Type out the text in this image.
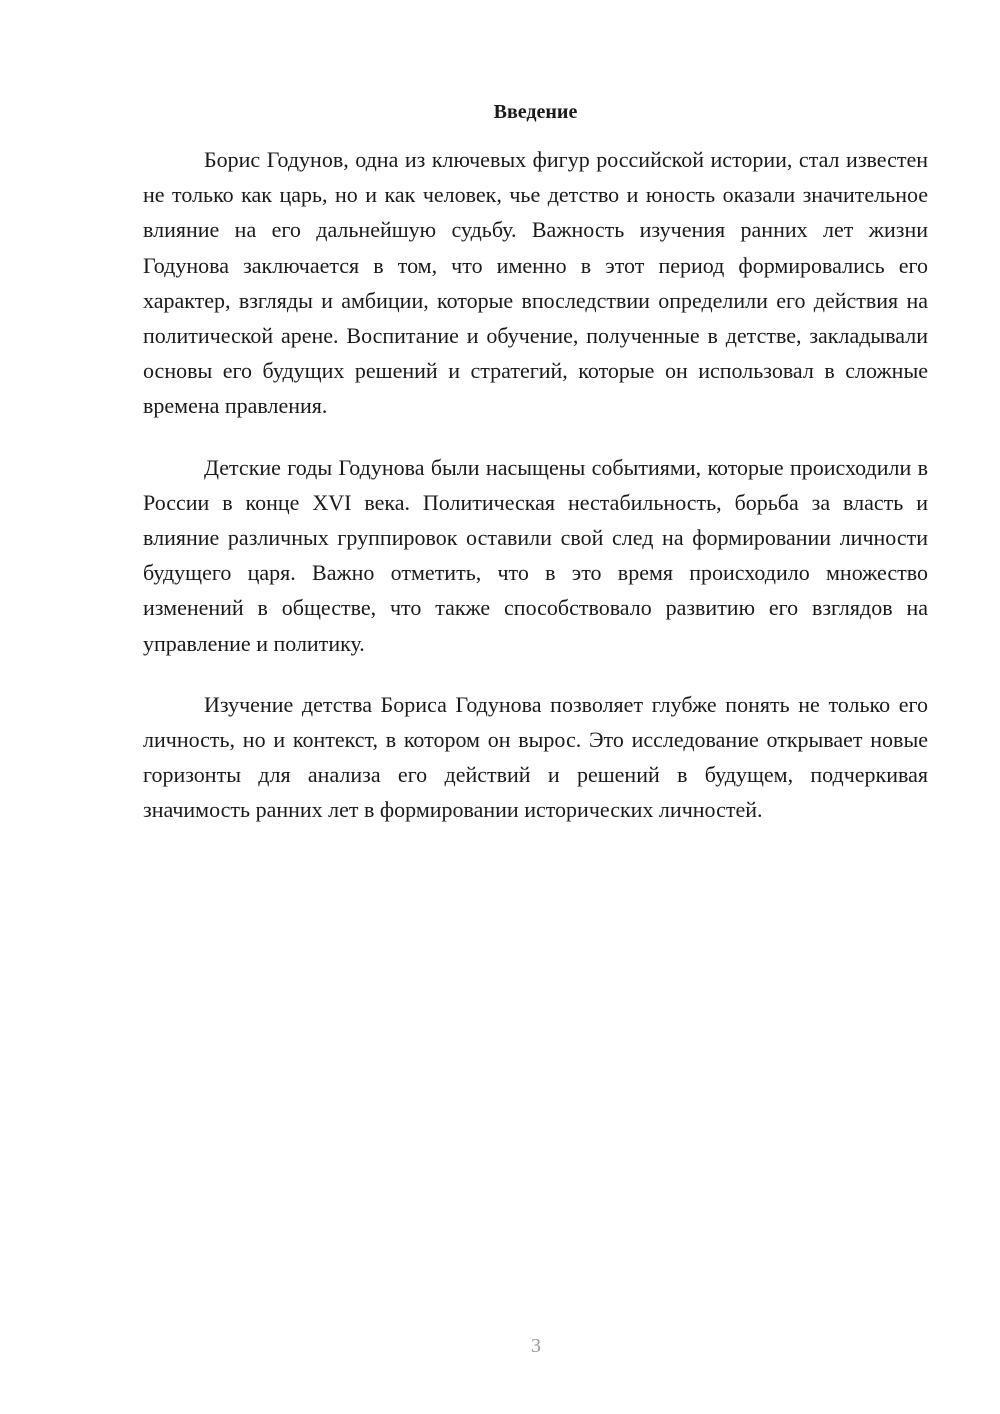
Введение

Борис Годунов, одна из ключевых фигур российской истории, стал известен не только как царь, но и как человек, чье детство и юность оказали значительное влияние на его дальнейшую судьбу. Важность изучения ранних лет жизни Годунова заключается в том, что именно в этот период формировались его характер, взгляды и амбиции, которые впоследствии определили его действия на политической арене. Воспитание и обучение, полученные в детстве, закладывали основы его будущих решений и стратегий, которые он использовал в сложные времена правления.

Детские годы Годунова были насыщены событиями, которые происходили в России в конце XVI века. Политическая нестабильность, борьба за власть и влияние различных группировок оставили свой след на формировании личности будущего царя. Важно отметить, что в это время происходило множество изменений в обществе, что также способствовало развитию его взглядов на управление и политику.

Изучение детства Бориса Годунова позволяет глубже понять не только его личность, но и контекст, в котором он вырос. Это исследование открывает новые горизонты для анализа его действий и решений в будущем, подчеркивая значимость ранних лет в формировании исторических личностей.

3
